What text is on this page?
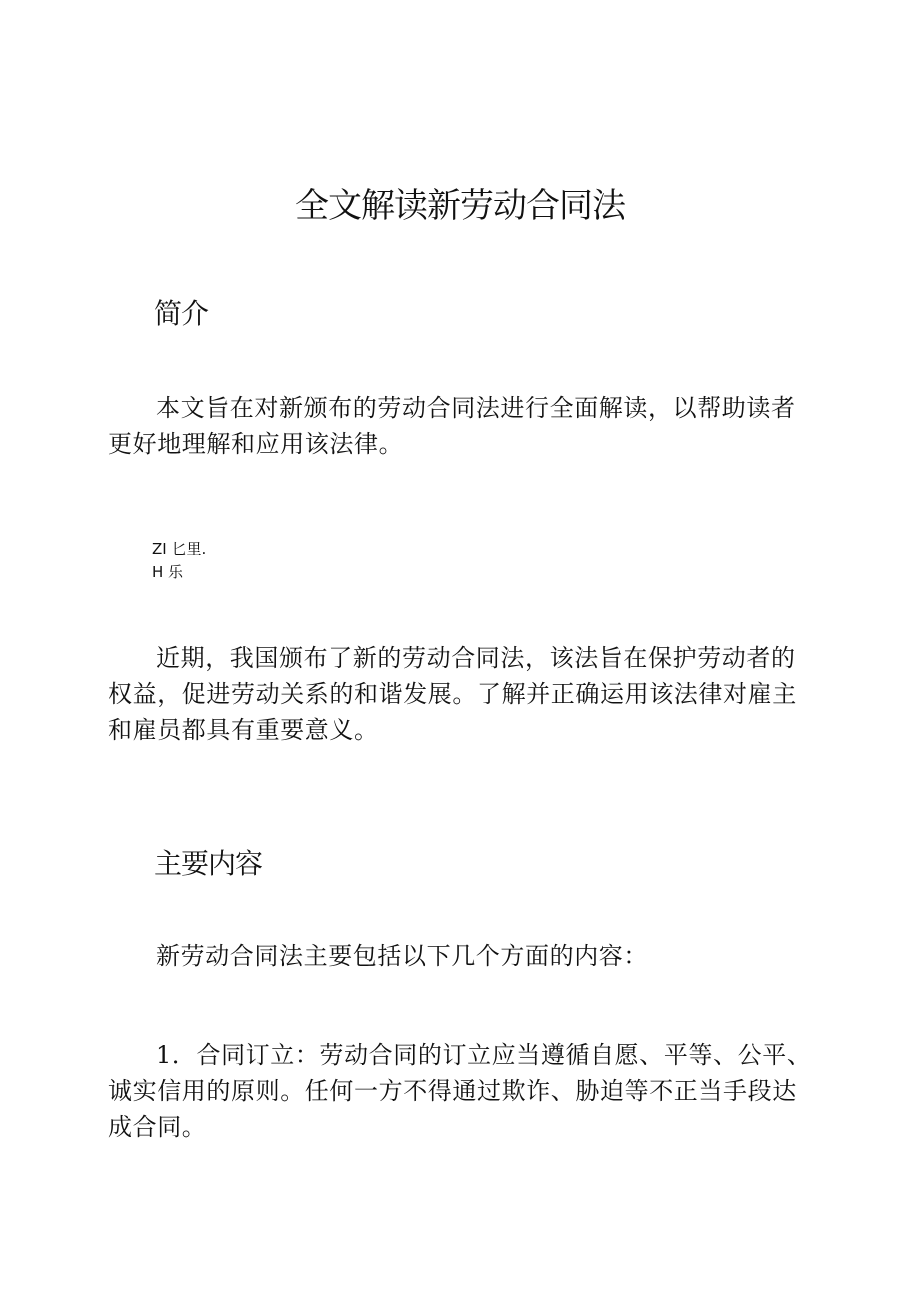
全文解读新劳动合同法
简介

本文旨在对新颁布的劳动合同法进行全面解读，以帮助读者更好地理解和应用该法律。

ZI 匕里.

H 乐

近期，我国颁布了新的劳动合同法，该法旨在保护劳动者的权益，促进劳动关系的和谐发展。了解并正确运用该法律对雇主和雇员都具有重要意义。

主要内容

新劳动合同法主要包括以下几个方面的内容：

1．合同订立：劳动合同的订立应当遵循自愿、平等、公平、诚实信用的原则。任何一方不得通过欺诈、胁迫等不正当手段达成合同。
